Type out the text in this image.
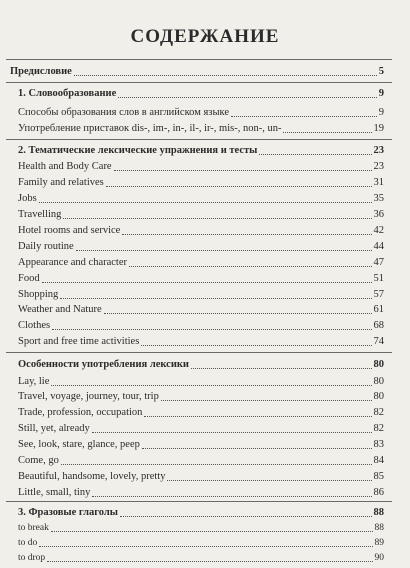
СОДЕРЖАНИЕ
Предисловие	5
1. Словообразование	9
Способы образования слов в английском языке	9
Употребление приставок dis-, im-, in-, il-, ir-, mis-, non-, un-	19
2. Тематические лексические упражнения и тесты	23
Health and Body Care	23
Family and relatives	31
Jobs	35
Travelling	36
Hotel rooms and service	42
Daily routine	44
Appearance and character	47
Food	51
Shopping	57
Weather and Nature	61
Clothes	68
Sport and free time activities	74
Особенности употребления лексики	80
Lay, lie	80
Travel, voyage, journey, tour, trip	80
Trade, profession, occupation	82
Still, yet, already	82
See, look, stare, glance, peep	83
Come, go	84
Beautiful, handsome, lovely, pretty	85
Little, small, tiny	86
3. Фразовые глаголы	88
to break	88
to do	89
to drop	90
